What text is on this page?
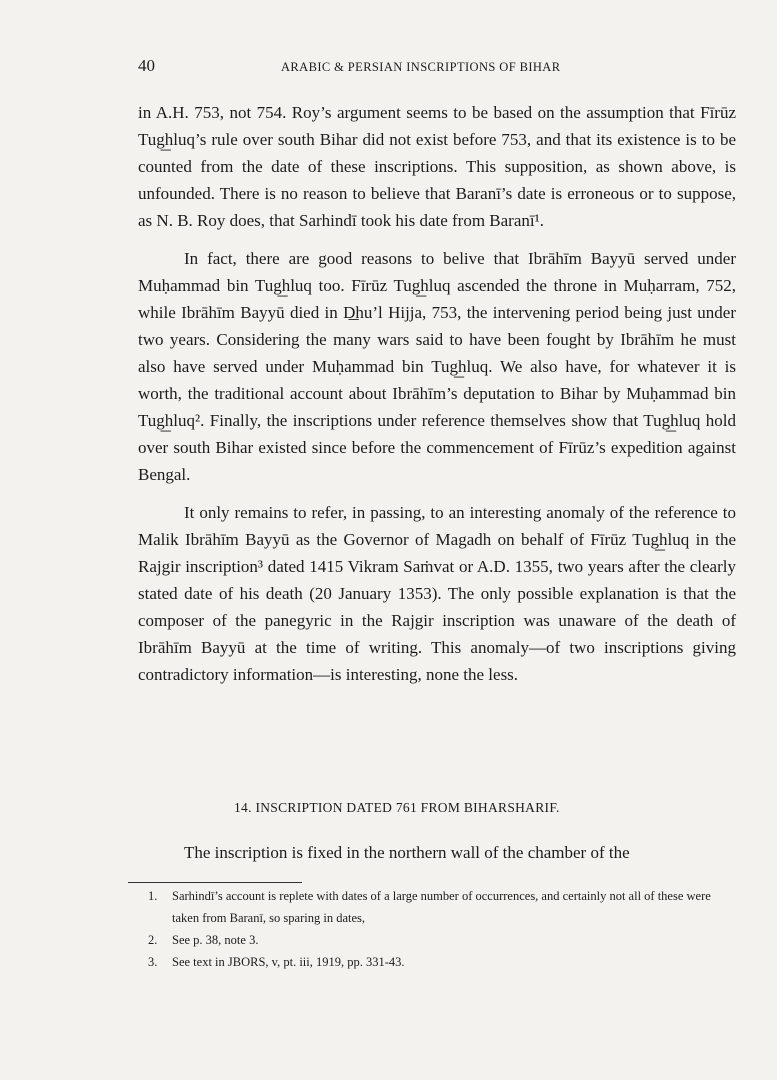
40	ARABIC & PERSIAN INSCRIPTIONS OF BIHAR

in A.H. 753, not 754. Roy’s argument seems to be based on the assumption that Fīrūz Tug͟hluq’s rule over south Bihar did not exist before 753, and that its existence is to be counted from the date of these inscriptions. This supposition, as shown above, is unfounded. There is no reason to believe that Baranī’s date is erroneous or to suppose, as N. B. Roy does, that Sarhindī took his date from Baranī¹.

In fact, there are good reasons to belive that Ibrāhīm Bayyū served under Muḥammad bin Tug͟hluq too. Fīrūz Tug͟hluq ascended the throne in Muḥarram, 752, while Ibrāhīm Bayyū died in D͟hu’l Hijja, 753, the intervening period being just under two years. Considering the many wars said to have been fought by Ibrāhīm he must also have served under Muḥammad bin Tug͟hluq. We also have, for whatever it is worth, the traditional account about Ibrāhīm’s deputation to Bihar by Muḥammad bin Tug͟hluq². Finally, the inscriptions under reference themselves show that Tug͟hluq hold over south Bihar existed since before the commencement of Fīrūz’s expedition against Bengal.

It only remains to refer, in passing, to an interesting anomaly of the reference to Malik Ibrāhīm Bayyū as the Governor of Magadh on behalf of Fīrūz Tug͟hluq in the Rajgir inscription³ dated 1415 Vikram Saṁvat or A.D. 1355, two years after the clearly stated date of his death (20 January 1353). The only possible explanation is that the composer of the panegyric in the Rajgir inscription was unaware of the death of Ibrāhīm Bayyū at the time of writing. This anomaly—of two inscriptions giving contradictory information—is interesting, none the less.

14. INSCRIPTION DATED 761 FROM BIHARSHARIF.
The inscription is fixed in the northern wall of the chamber of the
1. Sarhindī’s account is replete with dates of a large number of occurrences, and certainly not all of these were taken from Baranī, so sparing in dates,
2. See p. 38, note 3.
3. See text in JBORS, v, pt. iii, 1919, pp. 331-43.
